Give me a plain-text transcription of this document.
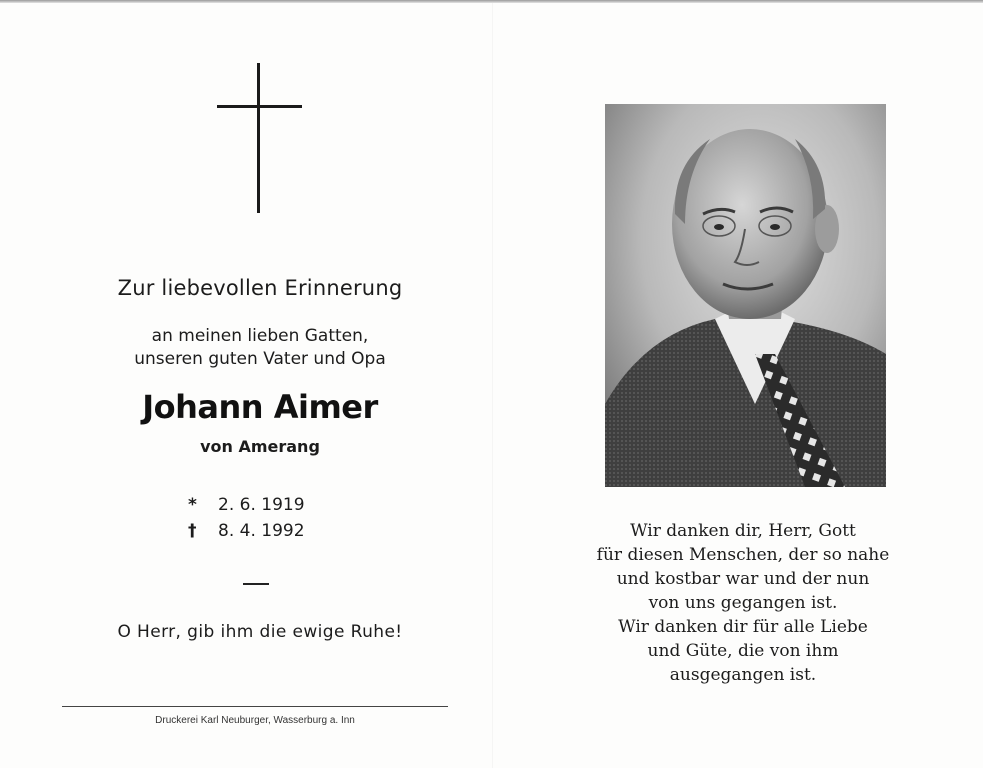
Zur liebevollen Erinnerung
an meinen lieben Gatten,
unseren guten Vater und Opa
Johann Aimer
von Amerang
*	2. 6. 1919
†	8. 4. 1992
O Herr, gib ihm die ewige Ruhe!
Druckerei Karl Neuburger, Wasserburg a. Inn
Wir danken dir, Herr, Gott
für diesen Menschen, der so nahe
und kostbar war und der nun
von uns gegangen ist.
Wir danken dir für alle Liebe
und Güte, die von ihm
ausgegangen ist.
